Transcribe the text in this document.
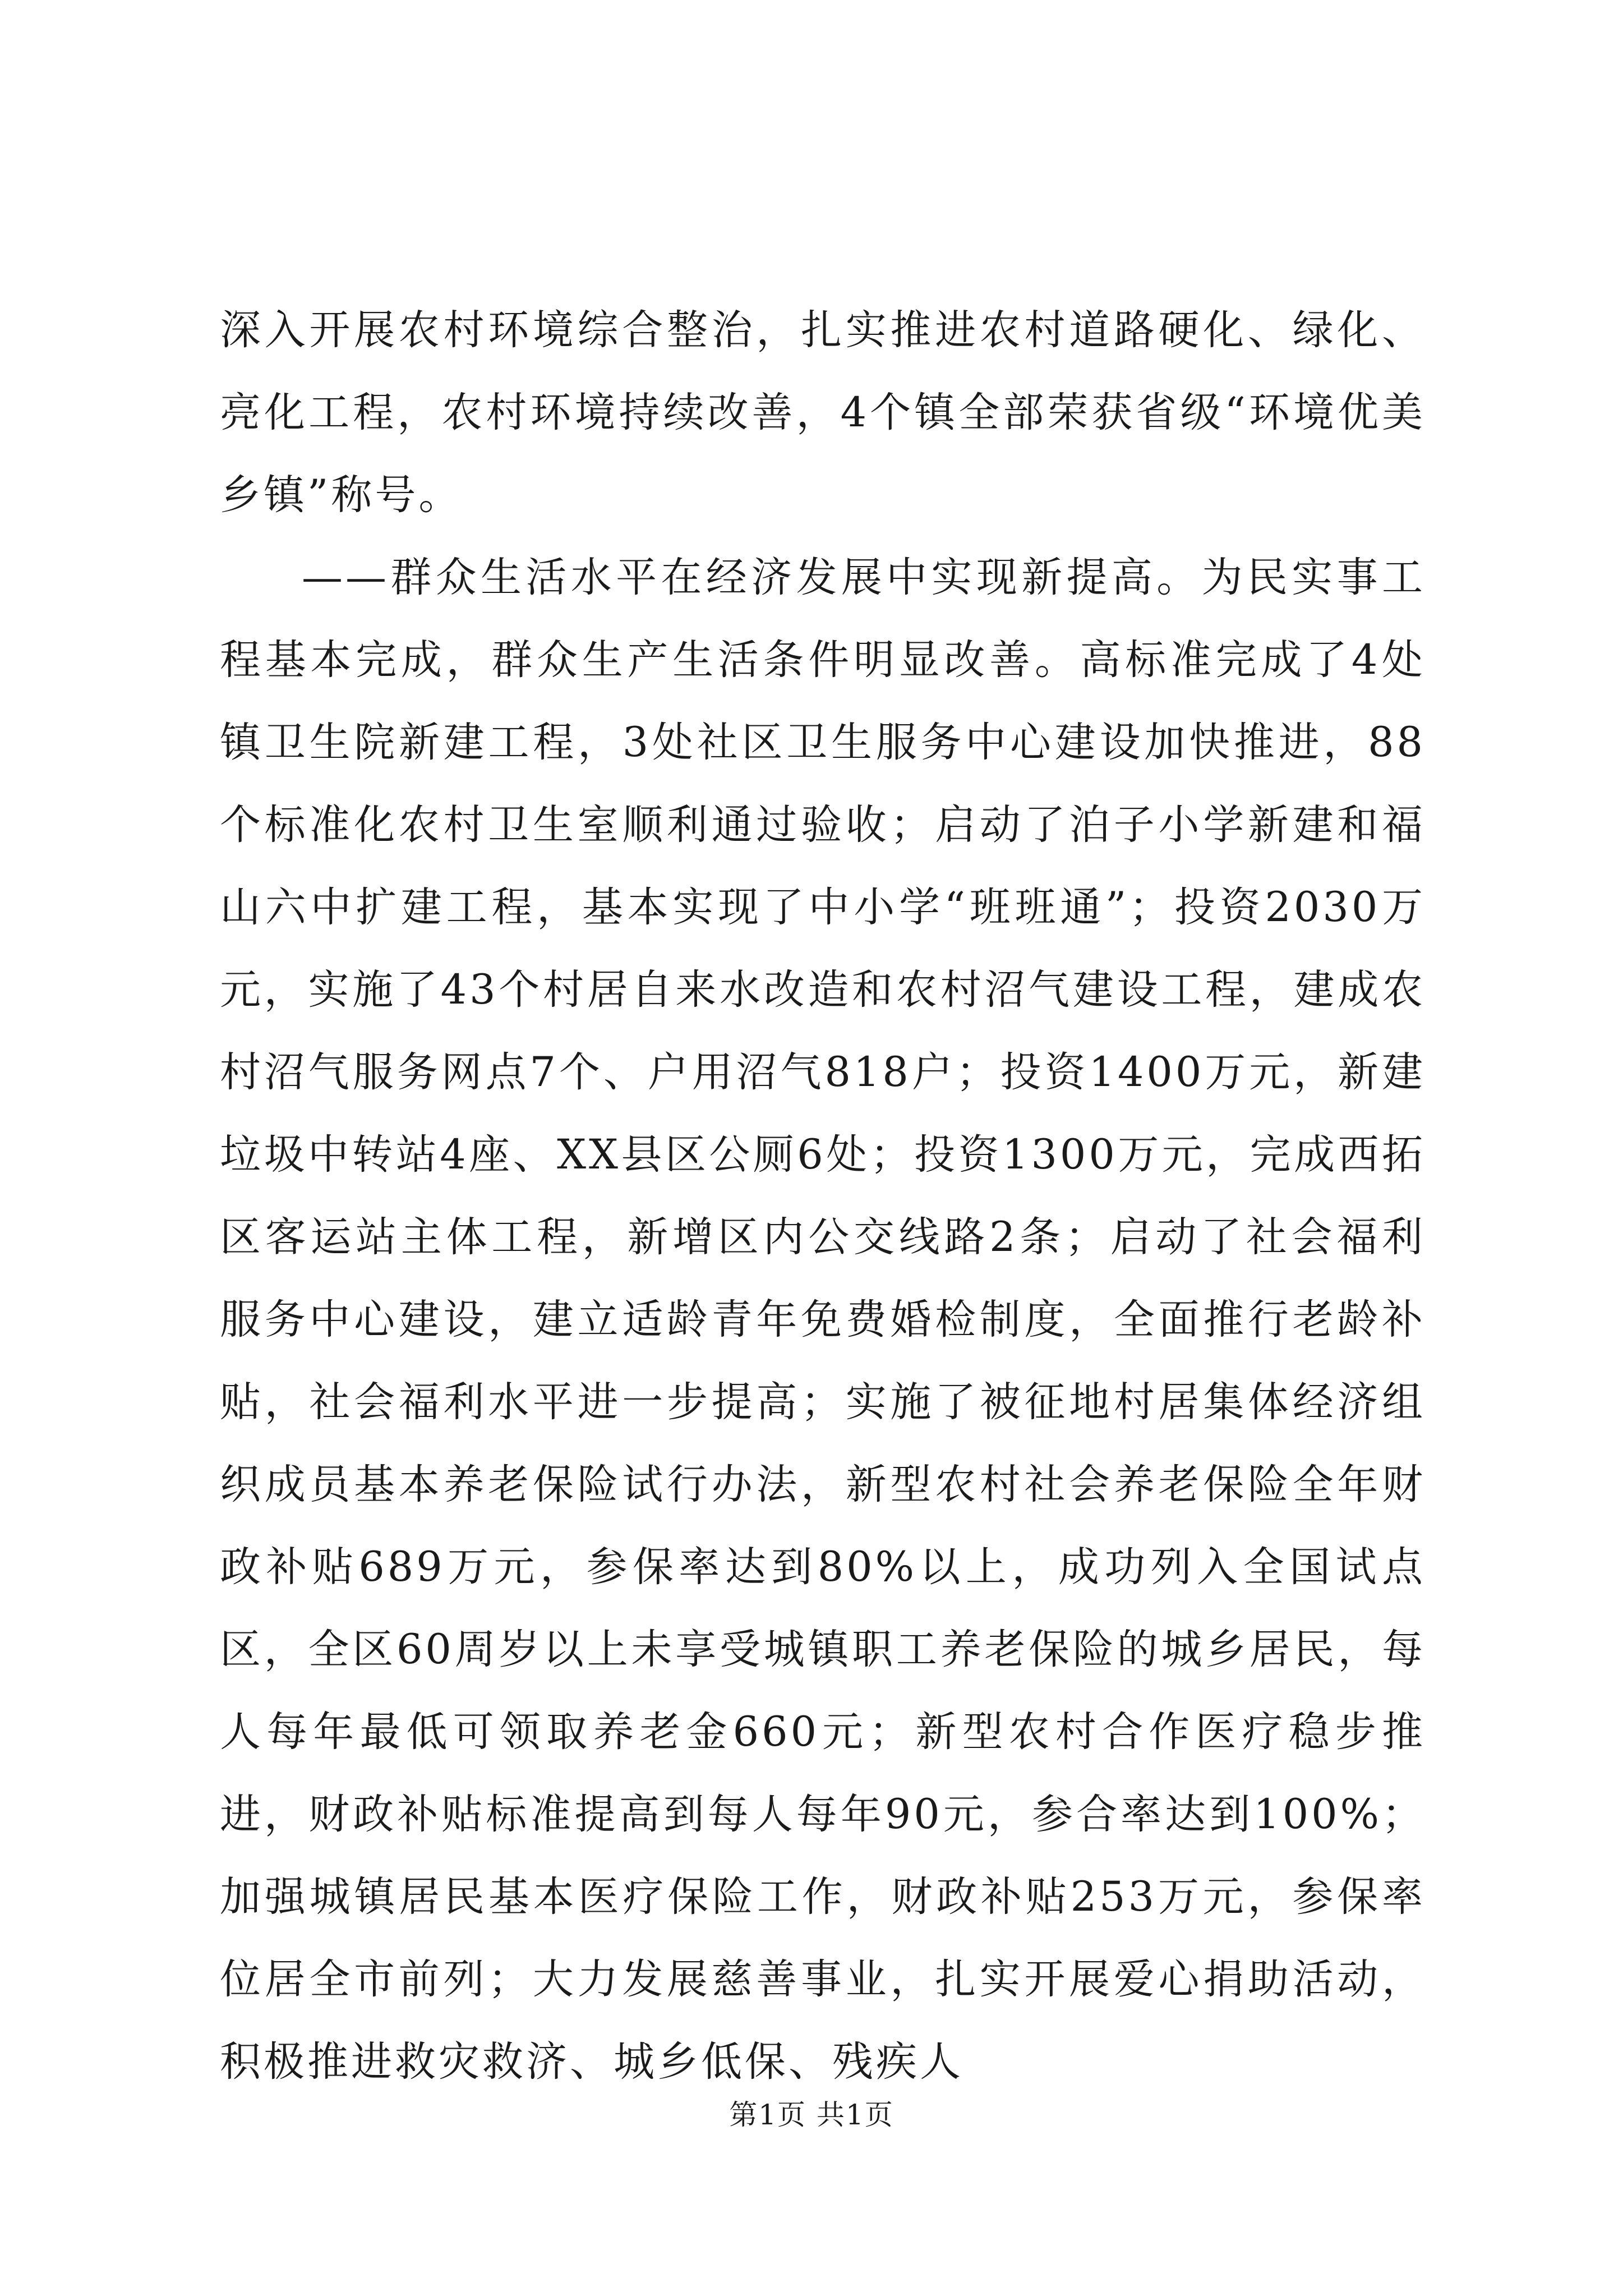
深入开展农村环境综合整治，扎实推进农村道路硬化、绿化、亮化工程，农村环境持续改善，4个镇全部荣获省级“环境优美乡镇”称号。

——群众生活水平在经济发展中实现新提高。为民实事工程基本完成，群众生产生活条件明显改善。高标准完成了4处镇卫生院新建工程，3处社区卫生服务中心建设加快推进，88个标准化农村卫生室顺利通过验收；启动了泊子小学新建和福山六中扩建工程，基本实现了中小学“班班通”；投资2030万元，实施了43个村居自来水改造和农村沼气建设工程，建成农村沼气服务网点7个、户用沼气818户；投资1400万元，新建垃圾中转站4座、XX县区公厕6处；投资1300万元，完成西拓区客运站主体工程，新增区内公交线路2条；启动了社会福利服务中心建设，建立适龄青年免费婚检制度，全面推行老龄补贴，社会福利水平进一步提高；实施了被征地村居集体经济组织成员基本养老保险试行办法，新型农村社会养老保险全年财政补贴689万元，参保率达到80%以上，成功列入全国试点区，全区60周岁以上未享受城镇职工养老保险的城乡居民，每人每年最低可领取养老金660元；新型农村合作医疗稳步推进，财政补贴标准提高到每人每年90元，参合率达到100%；加强城镇居民基本医疗保险工作，财政补贴253万元，参保率位居全市前列；大力发展慈善事业，扎实开展爱心捐助活动，积极推进救灾救济、城乡低保、残疾人

第1页 共1页
